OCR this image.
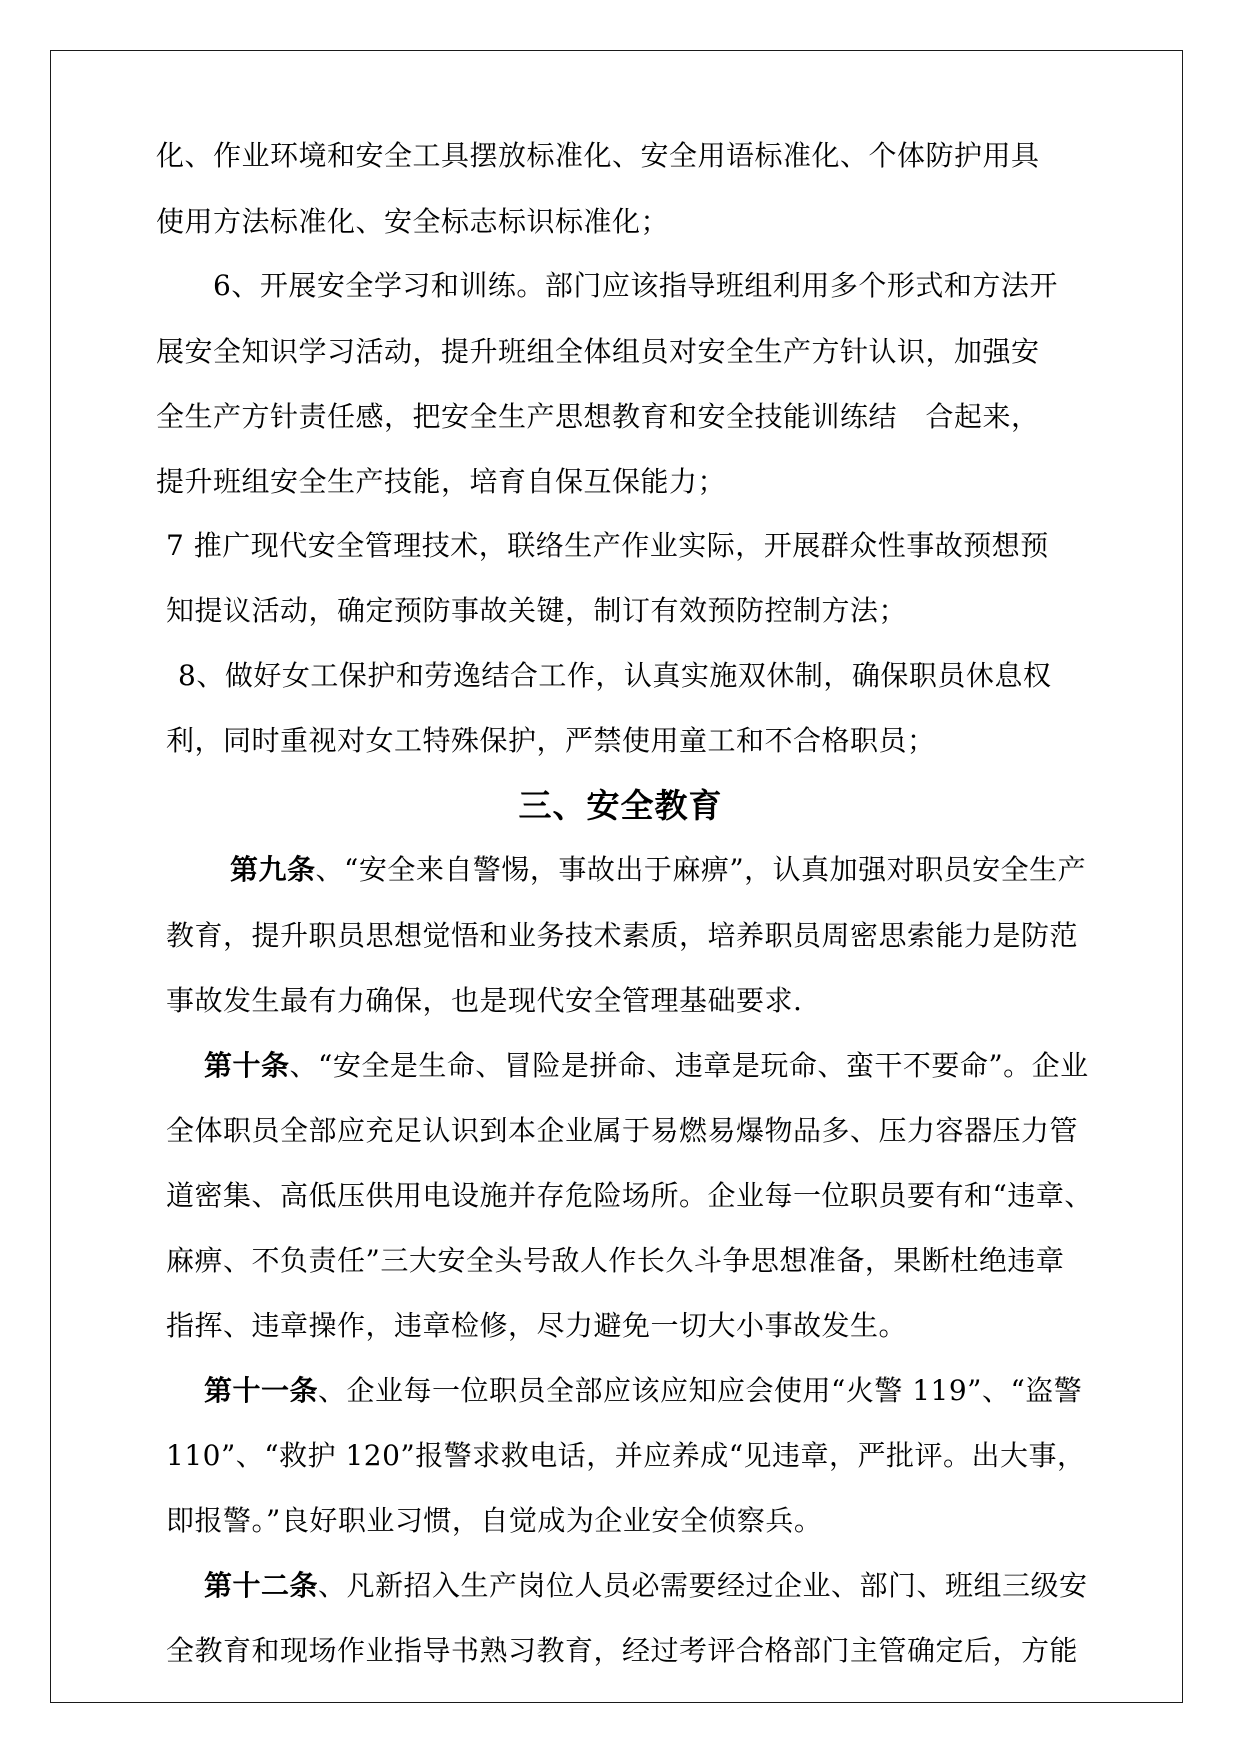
化、作业环境和安全工具摆放标准化、安全用语标准化、个体防护用具
使用方法标准化、安全标志标识标准化；
6、开展安全学习和训练。部门应该指导班组利用多个形式和方法开
展安全知识学习活动，提升班组全体组员对安全生产方针认识，加强安
全生产方针责任感，把安全生产思想教育和安全技能训练结　合起来，
提升班组安全生产技能，培育自保互保能力；
7 推广现代安全管理技术，联络生产作业实际，开展群众性事故预想预
知提议活动，确定预防事故关键，制订有效预防控制方法；
8、做好女工保护和劳逸结合工作，认真实施双休制，确保职员休息权
利，同时重视对女工特殊保护，严禁使用童工和不合格职员；
三、安全教育
第九条、“安全来自警惕，事故出于麻痹”，认真加强对职员安全生产
教育，提升职员思想觉悟和业务技术素质，培养职员周密思索能力是防范
事故发生最有力确保，也是现代安全管理基础要求.
第十条、“安全是生命、冒险是拼命、违章是玩命、蛮干不要命”。企业
全体职员全部应充足认识到本企业属于易燃易爆物品多、压力容器压力管
道密集、高低压供用电设施并存危险场所。企业每一位职员要有和“违章、
麻痹、不负责任”三大安全头号敌人作长久斗争思想准备，果断杜绝违章
指挥、违章操作，违章检修，尽力避免一切大小事故发生。
第十一条、企业每一位职员全部应该应知应会使用“火警 119”、“盗警
110”、“救护 120”报警求救电话，并应养成“见违章，严批评。出大事，
即报警。”良好职业习惯，自觉成为企业安全侦察兵。
第十二条、凡新招入生产岗位人员必需要经过企业、部门、班组三级安
全教育和现场作业指导书熟习教育，经过考评合格部门主管确定后，方能
